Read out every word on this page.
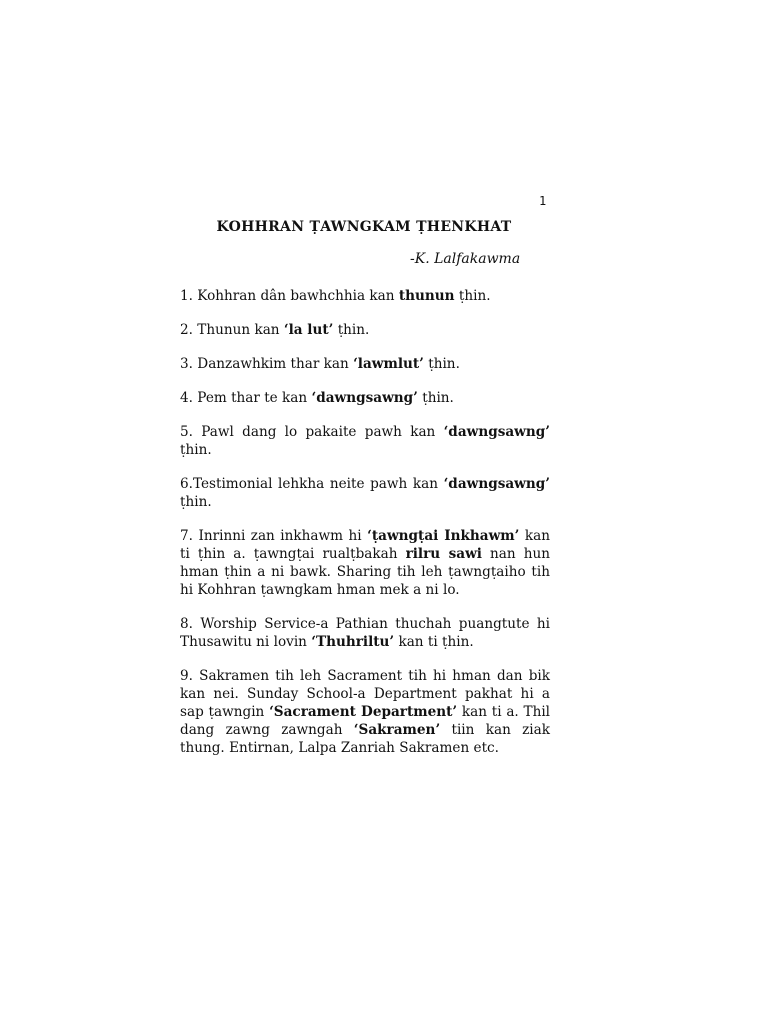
1
KOHHRAN ṬAWNGKAM ṬHENKHAT
-K. Lalfakawma

1. Kohhran dân bawhchhia kan thunun ṭhin.

2. Thunun kan ‘la lut’ ṭhin.

3. Danzawhkim thar kan ‘lawmlut’ ṭhin.

4. Pem thar te kan ‘dawngsawng’ ṭhin.

5. Pawl dang lo pakaite pawh kan ‘dawngsawng’ ṭhin.

6.Testimonial lehkha neite pawh kan ‘dawngsawng’ ṭhin.

7. Inrinni zan inkhawm hi ‘ṭawngṭai Inkhawm’ kan ti ṭhin a. ṭawngṭai rualṭbakah rilru sawi nan hun hman ṭhin a ni bawk. Sharing tih leh ṭawngṭaiho tih hi Kohhran ṭawngkam hman mek a ni lo.

8. Worship Service-a Pathian thuchah puangtute hi Thusawitu ni lovin ‘Thuhriltu’ kan ti ṭhin.

9. Sakramen tih leh Sacrament tih hi hman dan bik kan nei. Sunday School-a Department pakhat hi a sap ṭawngin ‘Sacrament Department’ kan ti a. Thil dang zawng zawngah ‘Sakramen’ tiin kan ziak thung. Entirnan, Lalpa Zanriah Sakramen etc.
